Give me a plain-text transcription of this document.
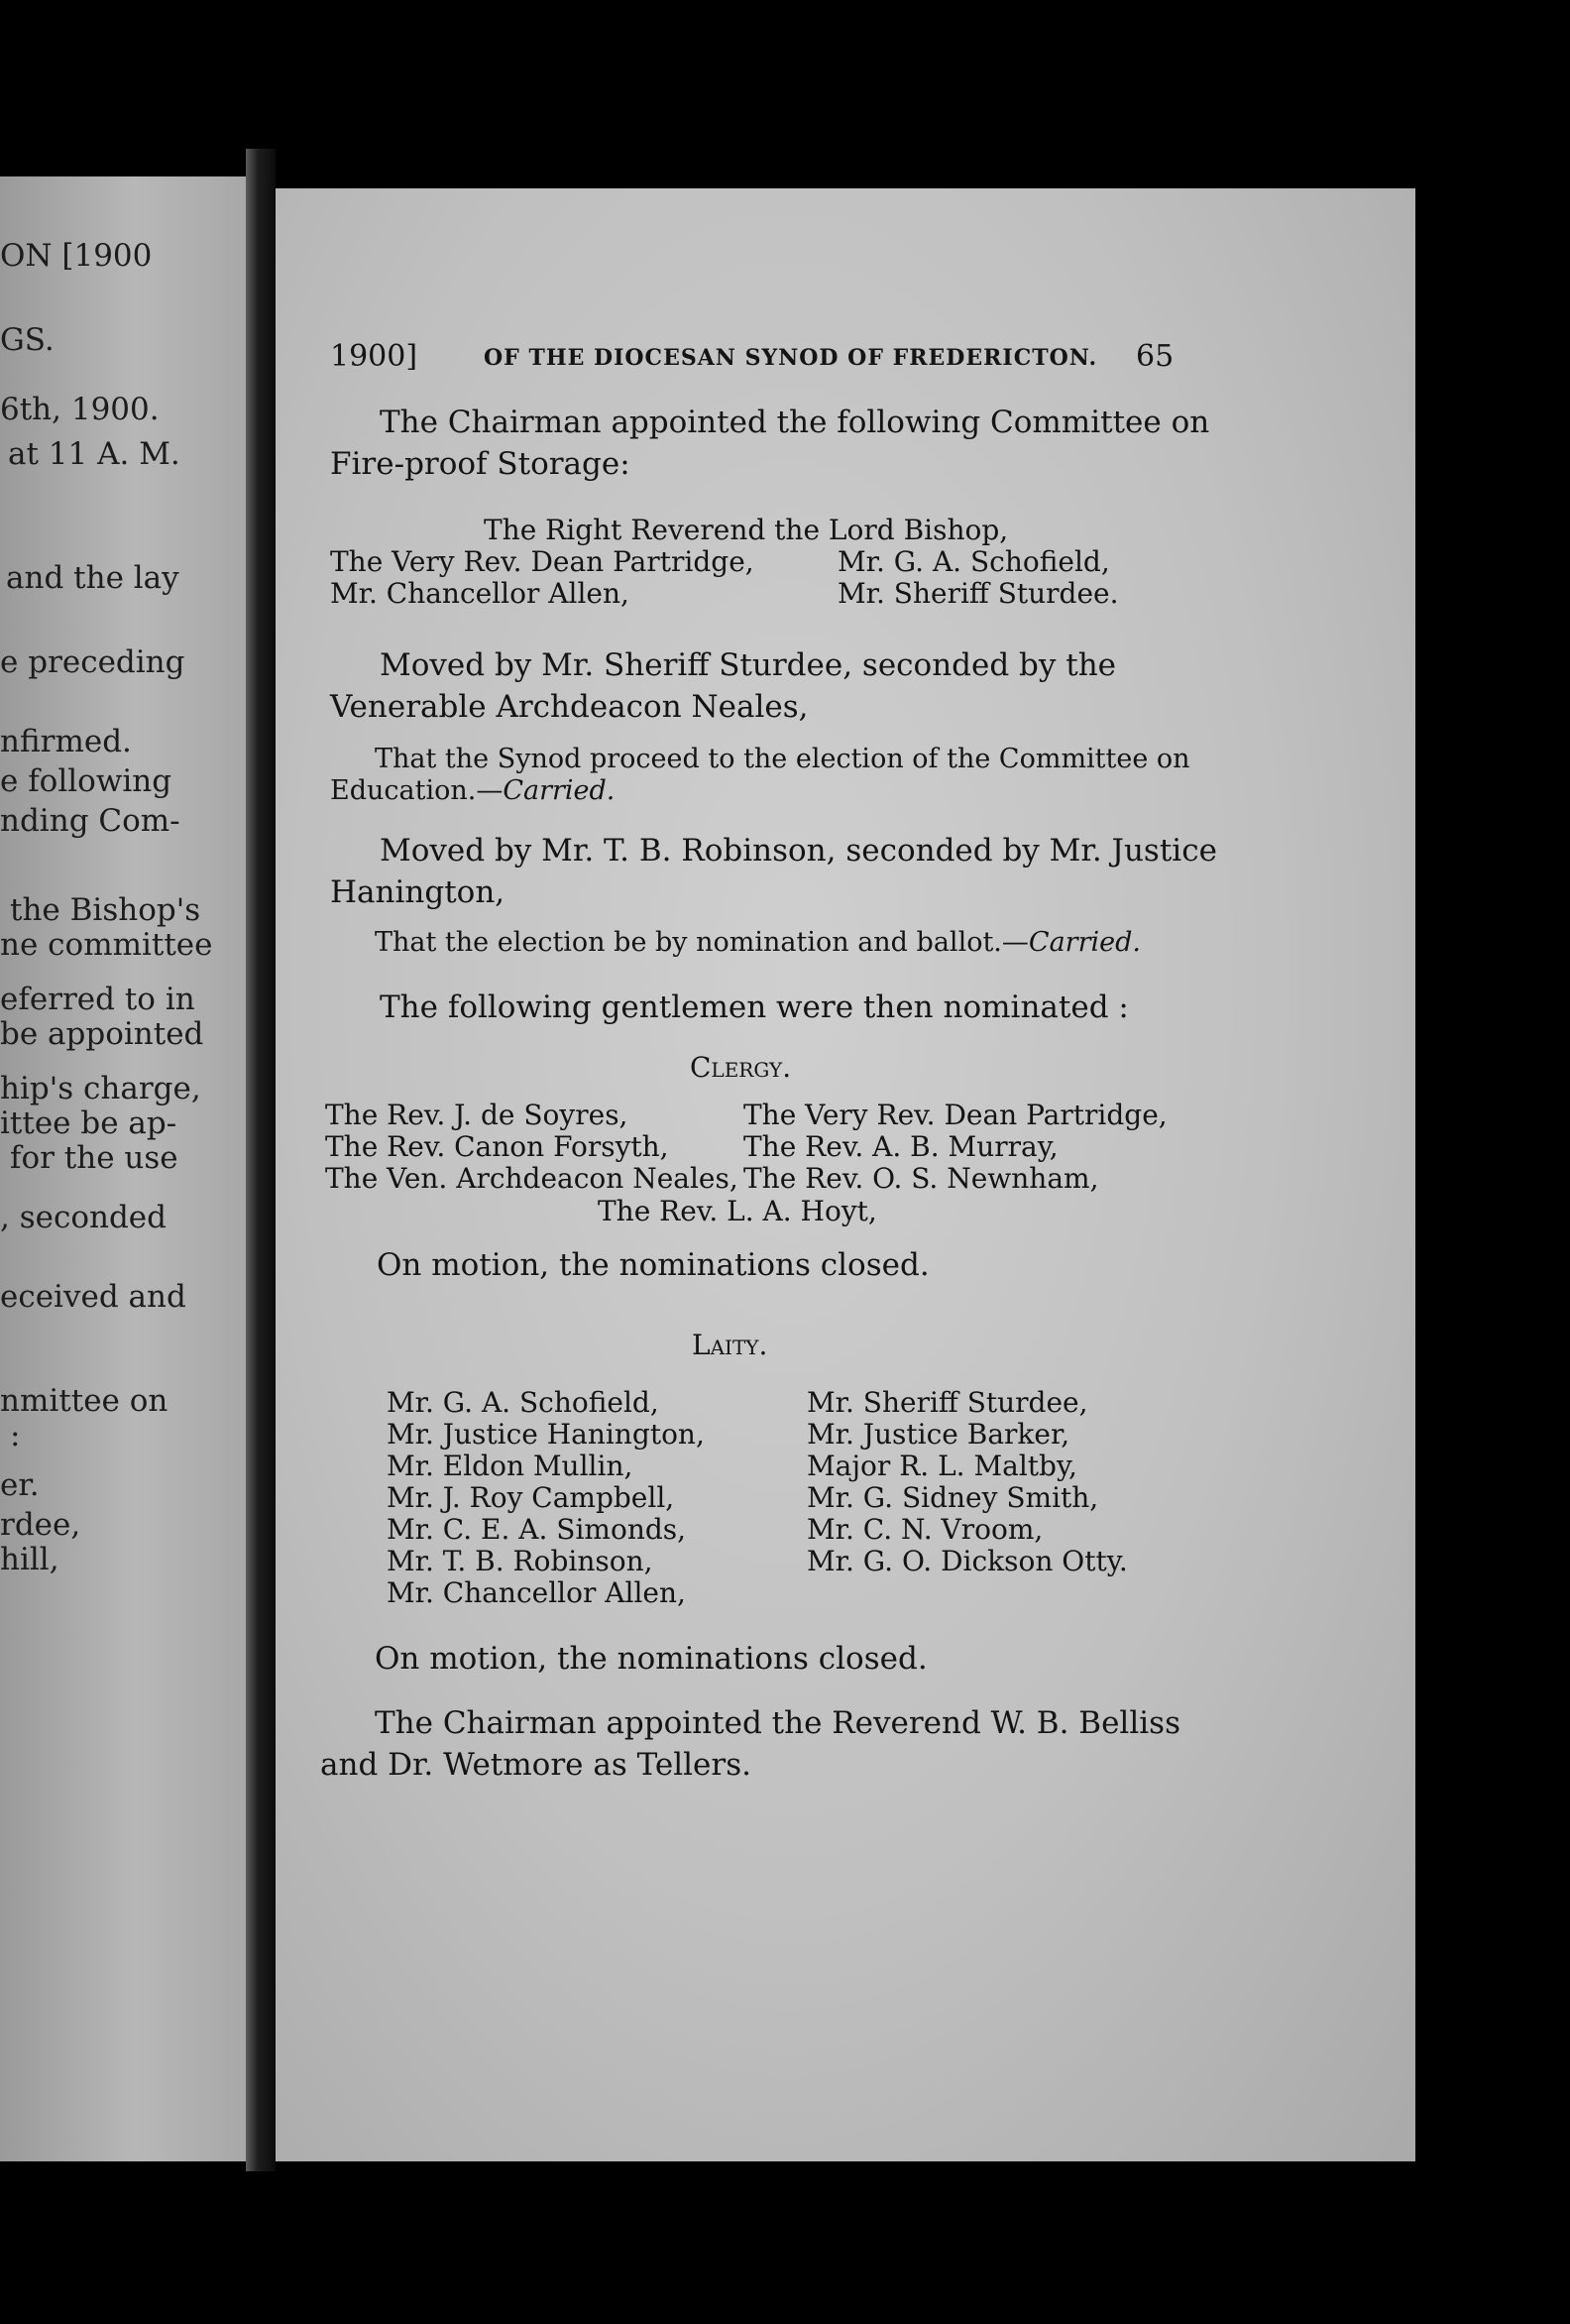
ON [1900
GS.
6th, 1900.
at 11 A. M.
and the lay
e preceding
nfirmed.
e following
nding Com-
the Bishop's
ne committee
eferred to in
be appointed
hip's charge,
ittee be ap-
for the use
, seconded
eceived and
nmittee on
:
er.
rdee,
hill,
1900]	OF THE DIOCESAN SYNOD OF FREDERICTON. 65
The Chairman appointed the following Committee on
Fire-proof Storage:
The Right Reverend the Lord Bishop,
The Very Rev. Dean Partridge,
Mr. Chancellor Allen,
Mr. G. A. Schofield,
Mr. Sheriff Sturdee.
Moved by Mr. Sheriff Sturdee, seconded by the
Venerable Archdeacon Neales,
That the Synod proceed to the election of the Committee on
Education.—Carried.
Moved by Mr. T. B. Robinson, seconded by Mr. Justice
Hanington,
That the election be by nomination and ballot.—Carried.
The following gentlemen were then nominated :
Clergy.
The Rev. J. de Soyres,
The Rev. Canon Forsyth,
The Ven. Archdeacon Neales,
The Very Rev. Dean Partridge,
The Rev. A. B. Murray,
The Rev. O. S. Newnham,
The Rev. L. A. Hoyt,
On motion, the nominations closed.
Laity.
On motion, the nominations closed.
The Chairman appointed the Reverend W. B. Belliss
and Dr. Wetmore as Tellers.
Mr. G. A. Schofield,
Mr. Justice Hanington,
Mr. Eldon Mullin,
Mr. J. Roy Campbell,
Mr. C. E. A. Simonds,
Mr. T. B. Robinson,
Mr. Chancellor Allen,
Mr. Sheriff Sturdee,
Mr. Justice Barker,
Major R. L. Maltby,
Mr. G. Sidney Smith,
Mr. C. N. Vroom,
Mr. G. O. Dickson Otty.
